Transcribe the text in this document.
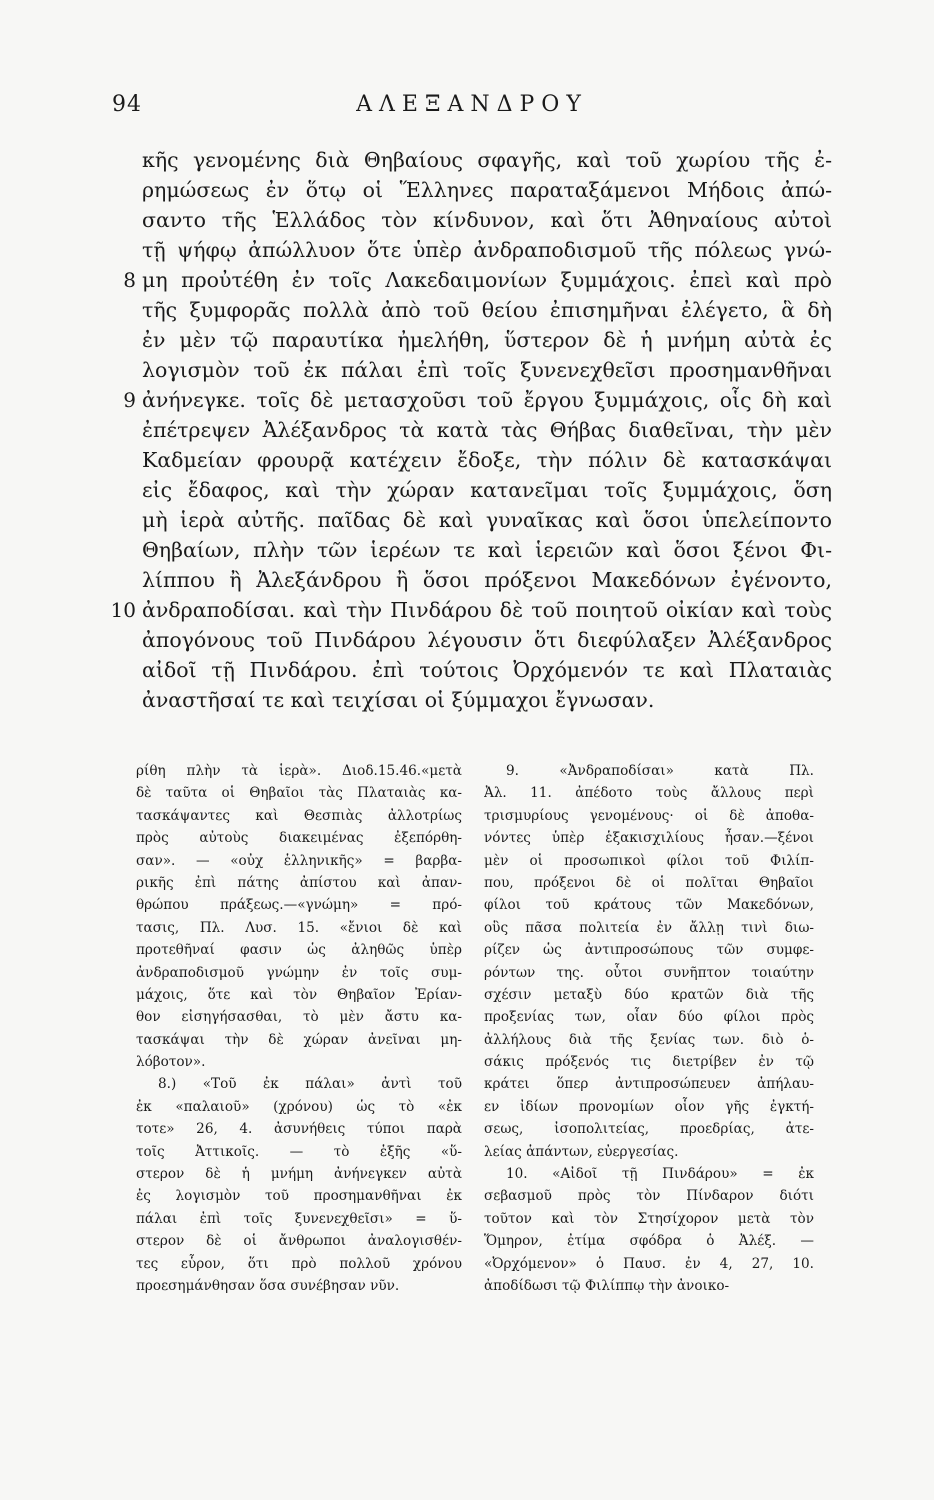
94	ΑΛΕΞΑΝΔΡΟΥ
κῆς γενομένης διὰ Θηβαίους σφαγῆς, καὶ τοῦ χωρίου τῆς ἐ-
ρημώσεως ἐν ὅτῳ οἱ Ἕλληνες παραταξάμενοι Μήδοις ἀπώ-
σαντο τῆς Ἑλλάδος τὸν κίνδυνον, καὶ ὅτι Ἀθηναίους αὐτοὶ
τῇ ψήφῳ ἀπώλλυον ὅτε ὑπὲρ ἀνδραποδισμοῦ τῆς πόλεως γνώ-
8 μη προὐτέθη ἐν τοῖς Λακεδαιμονίων ξυμμάχοις. ἐπεὶ καὶ πρὸ
τῆς ξυμφορᾶς πολλὰ ἀπὸ τοῦ θείου ἐπισημῆναι ἐλέγετο, ἃ δὴ
ἐν μὲν τῷ παραυτίκα ἠμελήθη, ὕστερον δὲ ἡ μνήμη αὐτὰ ἐς
λογισμὸν τοῦ ἐκ πάλαι ἐπὶ τοῖς ξυνενεχθεῖσι προσημανθῆναι
9 ἀνήνεγκε. τοῖς δὲ μετασχοῦσι τοῦ ἔργου ξυμμάχοις, οἷς δὴ καὶ
ἐπέτρεψεν Ἀλέξανδρος τὰ κατὰ τὰς Θήβας διαθεῖναι, τὴν μὲν
Καδμείαν φρουρᾷ κατέχειν ἔδοξε, τὴν πόλιν δὲ κατασκάψαι
εἰς ἔδαφος, καὶ τὴν χώραν κατανεῖμαι τοῖς ξυμμάχοις, ὅση
μὴ ἱερὰ αὐτῆς. παῖδας δὲ καὶ γυναῖκας καὶ ὅσοι ὑπελείποντο
Θηβαίων, πλὴν τῶν ἱερέων τε καὶ ἱερειῶν καὶ ὅσοι ξένοι Φι-
λίππου ἢ Ἀλεξάνδρου ἢ ὅσοι πρόξενοι Μακεδόνων ἐγένοντο,
10 ἀνδραποδίσαι. καὶ τὴν Πινδάρου δὲ τοῦ ποιητοῦ οἰκίαν καὶ τοὺς
ἀπογόνους τοῦ Πινδάρου λέγουσιν ὅτι διεφύλαξεν Ἀλέξανδρος
αἰδοῖ τῇ Πινδάρου. ἐπὶ τούτοις Ὀρχόμενόν τε καὶ Πλαταιὰς
ἀναστῆσαί τε καὶ τειχίσαι οἱ ξύμμαχοι ἔγνωσαν.
ρίθη πλὴν τὰ ἱερὰ». Διοδ.15.46.«μετὰ
δὲ ταῦτα οἱ Θηβαῖοι τὰς Πλαταιὰς κα-
τασκάψαντες καὶ Θεσπιὰς ἀλλοτρίως
πρὸς αὐτοὺς διακειμένας ἐξεπόρθη-
σαν». — «οὐχ ἑλληνικῆς» = βαρβα-
ρικῆς ἐπὶ πάτης ἀπίστου καὶ ἀπαν-
θρώπου πράξεως.—«γνώμη» = πρό-
τασις, Πλ. Λυσ. 15. «ἔνιοι δὲ καὶ
προτεθῆναί φασιν ὡς ἀληθῶς ὑπὲρ
ἀνδραποδισμοῦ γνώμην ἐν τοῖς συμ-
μάχοις, ὅτε καὶ τὸν Θηβαῖον Ἐρίαν-
θον εἰσηγήσασθαι, τὸ μὲν ἄστυ κα-
τασκάψαι τὴν δὲ χώραν ἀνεῖναι μη-
λόβοτον».
8.) «Τοῦ ἐκ πάλαι» ἀντὶ τοῦ
ἐκ «παλαιοῦ» (χρόνου) ὡς τὸ «ἐκ
τοτε» 26, 4. ἀσυνήθεις τύποι παρὰ
τοῖς Ἀττικοῖς. — τὸ ἑξῆς «ὕ-
στερον δὲ ἡ μνήμη ἀνήνεγκεν αὐτὰ
ἐς λογισμὸν τοῦ προσημανθῆναι ἐκ
πάλαι ἐπὶ τοῖς ξυνενεχθεῖσι» = ὕ-
στερον δὲ οἱ ἄνθρωποι ἀναλογισθέν-
τες εὗρον, ὅτι πρὸ πολλοῦ χρόνου
προεσημάνθησαν ὅσα συνέβησαν νῦν.
9. «Ἀνδραποδίσαι» κατὰ Πλ.
Ἀλ. 11. ἀπέδοτο τοὺς ἄλλους περὶ
τρισμυρίους γενομένους· οἱ δὲ ἀποθα-
νόντες ὑπὲρ ἑξακισχιλίους ἦσαν.—ξένοι
μὲν οἱ προσωπικοὶ φίλοι τοῦ Φιλίπ-
που, πρόξενοι δὲ οἱ πολῖται Θηβαῖοι
φίλοι τοῦ κράτους τῶν Μακεδόνων,
οὓς πᾶσα πολιτεία ἐν ἄλλῃ τινὶ διω-
ρίζεν ὡς ἀντιπροσώπους τῶν συμφε-
ρόντων της. οὗτοι συνῆπτον τοιαύτην
σχέσιν μεταξὺ δύο κρατῶν διὰ τῆς
προξενίας των, οἷαν δύο φίλοι πρὸς
ἀλλήλους διὰ τῆς ξενίας των. διὸ ὁ-
σάκις πρόξενός τις διετρίβεν ἐν τῷ
κράτει ὅπερ ἀντιπροσώπευεν ἀπήλαυ-
εν ἰδίων προνομίων οἷον γῆς ἐγκτή-
σεως, ἰσοπολιτείας, προεδρίας, ἀτε-
λείας ἁπάντων, εὐεργεσίας.
10. «Αἰδοῖ τῇ Πινδάρου» = ἐκ
σεβασμοῦ πρὸς τὸν Πίνδαρον διότι
τοῦτον καὶ τὸν Στησίχορον μετὰ τὸν
Ὅμηρον, ἐτίμα σφόδρα ὁ Ἀλέξ. —
«Ὀρχόμενον» ὁ Παυσ. ἐν 4, 27, 10.
ἀποδίδωσι τῷ Φιλίππῳ τὴν ἀνοικο-
